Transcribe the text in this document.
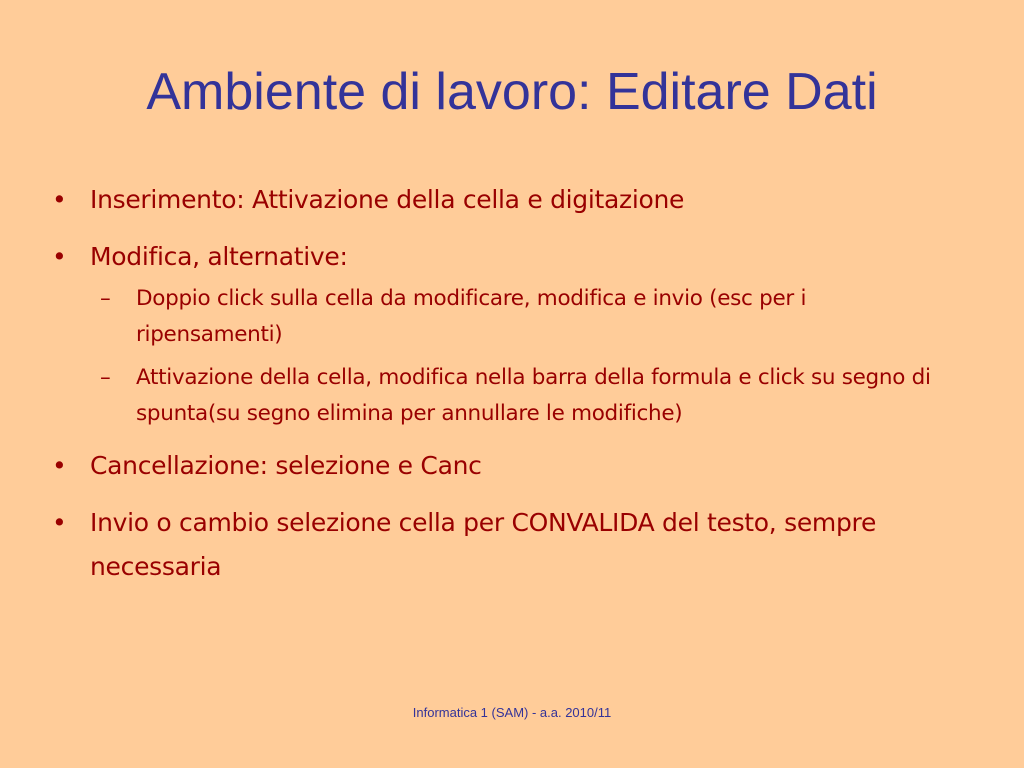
Ambiente di lavoro: Editare Dati
• Inserimento: Attivazione della cella e digitazione
• Modifica, alternative:
–	Doppio click sulla cella da modificare, modifica e invio (esc per i ripensamenti)
–	Attivazione della cella, modifica nella barra della formula e click su segno di spunta(su segno elimina per annullare le modifiche)
• Cancellazione: selezione e Canc
• Invio o cambio selezione cella per CONVALIDA del testo, sempre necessaria
Informatica 1 (SAM) - a.a. 2010/11
